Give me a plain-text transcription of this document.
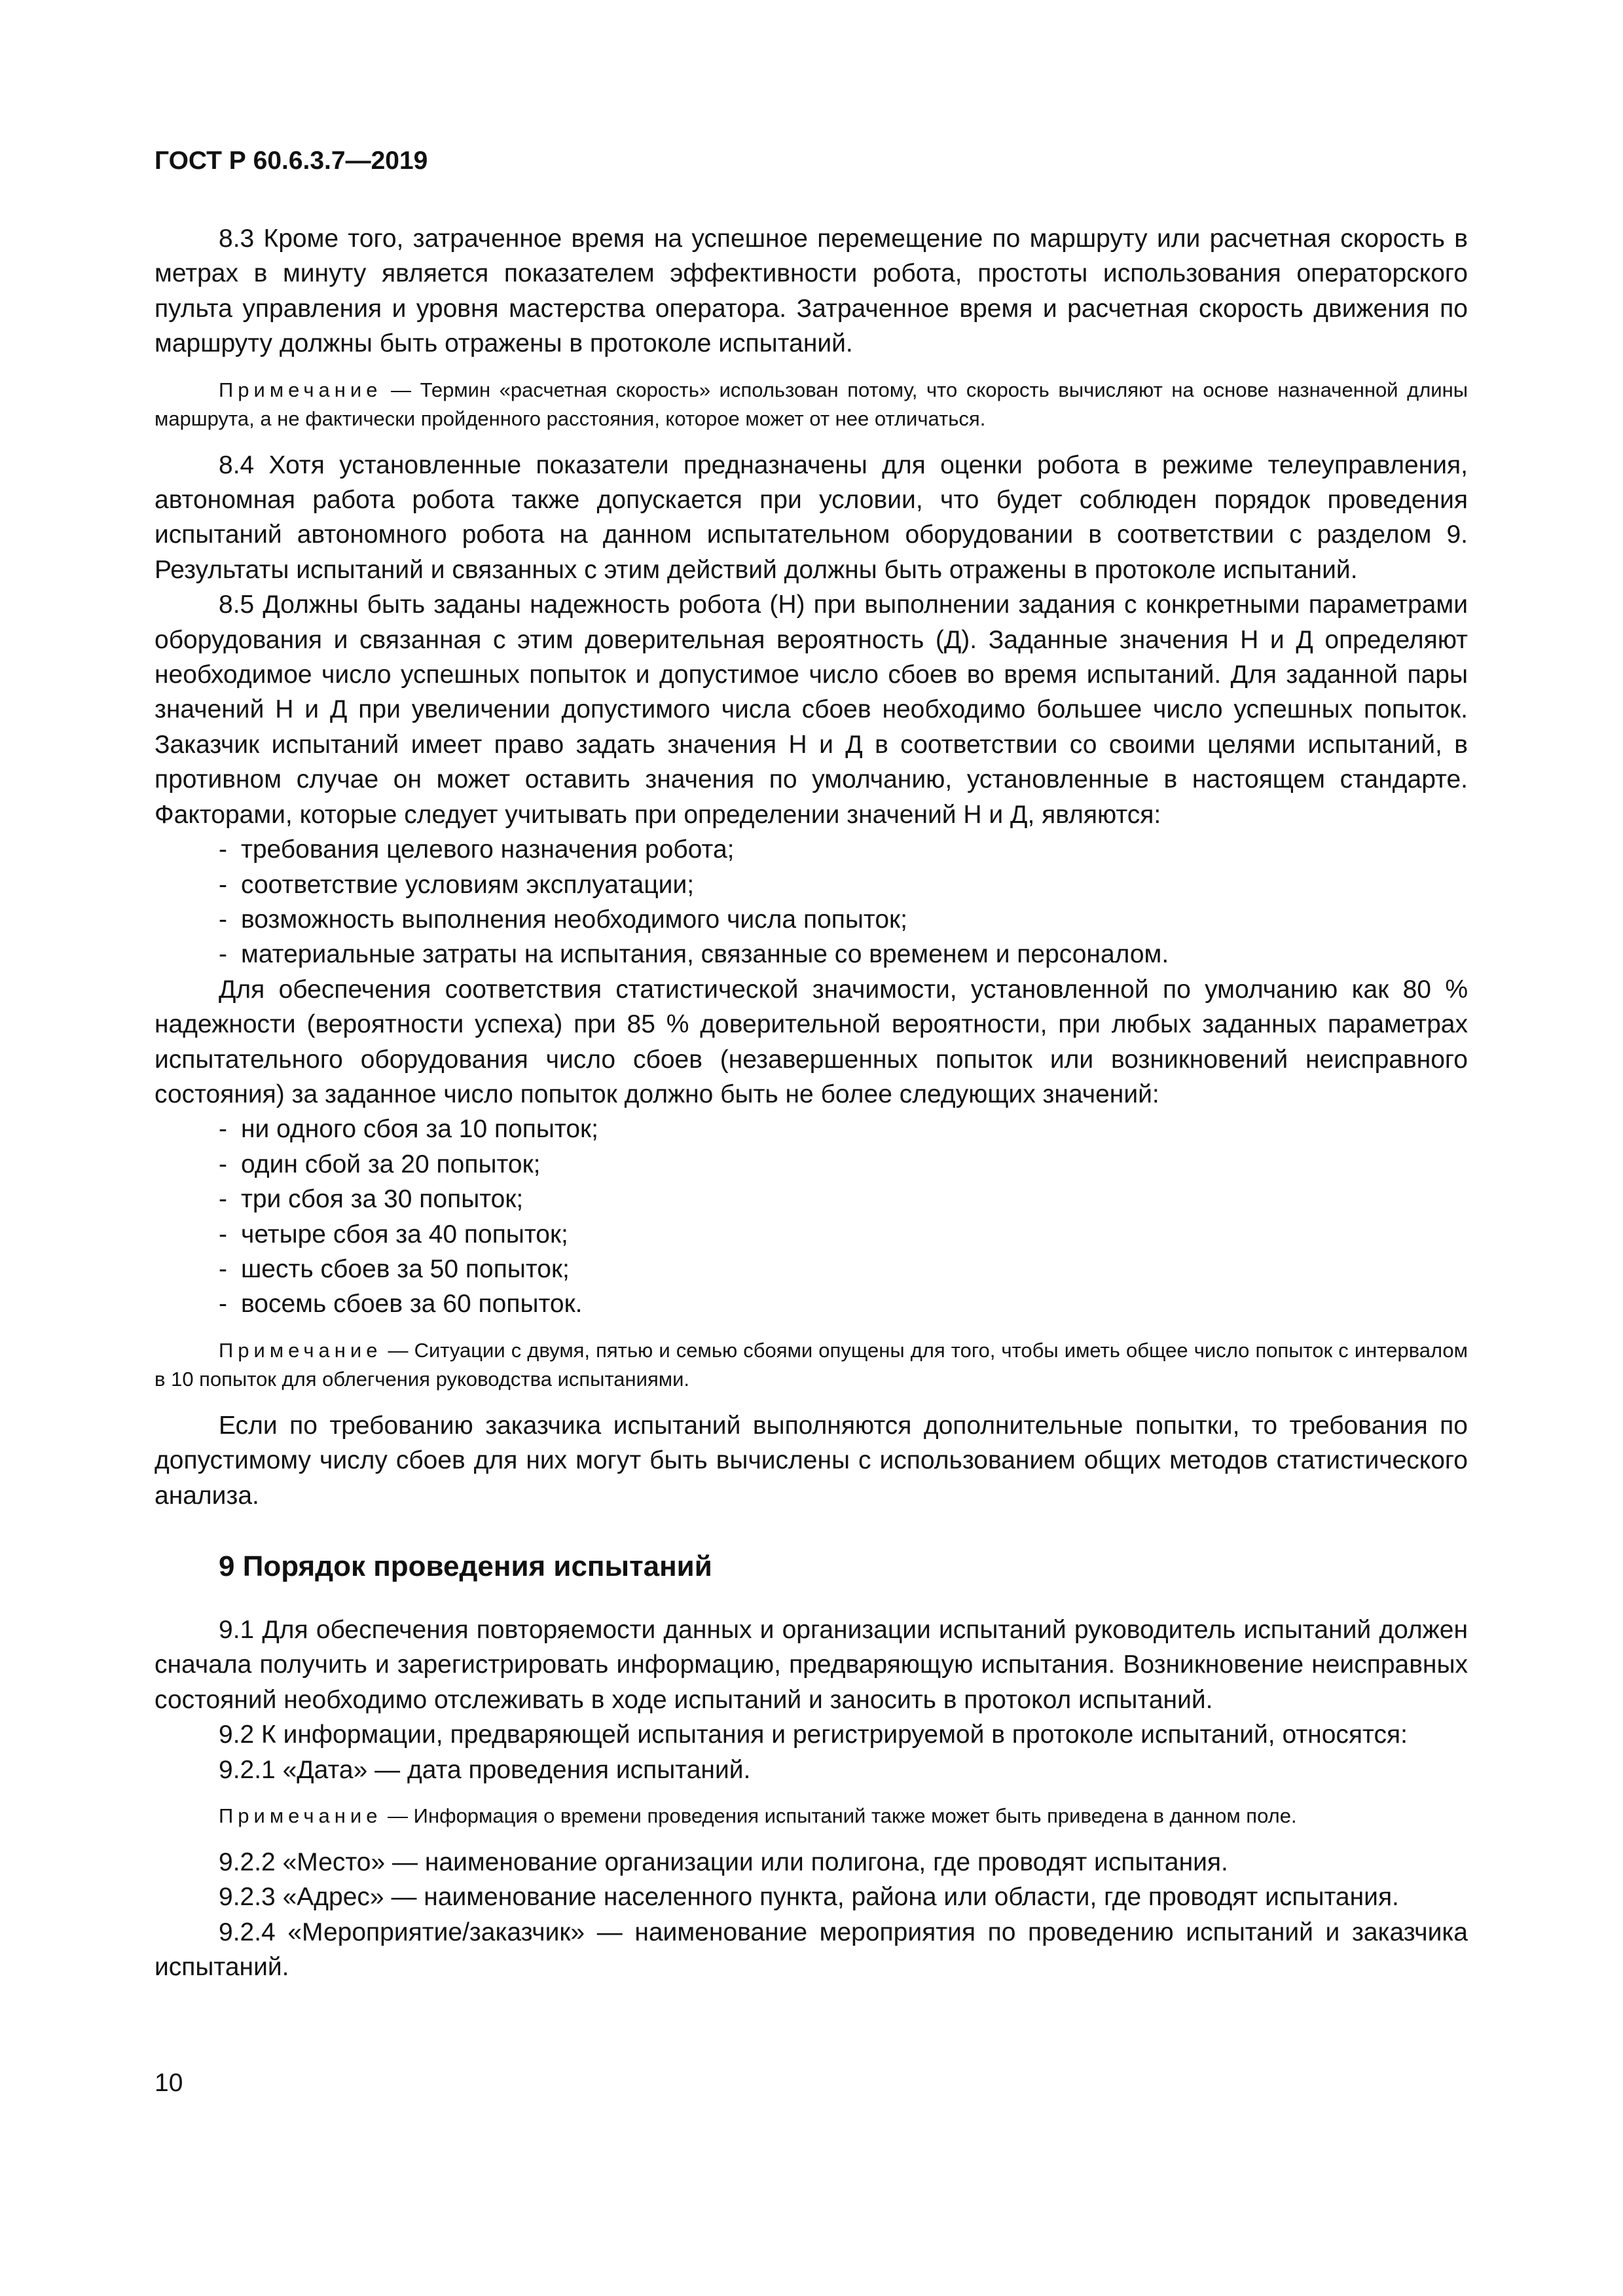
ГОСТ Р 60.6.3.7—2019

8.3 Кроме того, затраченное время на успешное перемещение по маршруту или расчетная скорость в метрах в минуту является показателем эффективности робота, простоты использования операторского пульта управления и уровня мастерства оператора. Затраченное время и расчетная скорость движения по маршруту должны быть отражены в протоколе испытаний.

Примечание — Термин «расчетная скорость» использован потому, что скорость вычисляют на основе назначенной длины маршрута, а не фактически пройденного расстояния, которое может от нее отличаться.

8.4 Хотя установленные показатели предназначены для оценки робота в режиме телеуправления, автономная работа робота также допускается при условии, что будет соблюден порядок проведения испытаний автономного робота на данном испытательном оборудовании в соответствии с разделом 9. Результаты испытаний и связанных с этим действий должны быть отражены в протоколе испытаний.

8.5 Должны быть заданы надежность робота (Н) при выполнении задания с конкретными параметрами оборудования и связанная с этим доверительная вероятность (Д). Заданные значения Н и Д определяют необходимое число успешных попыток и допустимое число сбоев во время испытаний. Для заданной пары значений Н и Д при увеличении допустимого числа сбоев необходимо большее число успешных попыток. Заказчик испытаний имеет право задать значения Н и Д в соответствии со своими целями испытаний, в противном случае он может оставить значения по умолчанию, установленные в настоящем стандарте. Факторами, которые следует учитывать при определении значений Н и Д, являются:

- требования целевого назначения робота;
- соответствие условиям эксплуатации;
- возможность выполнения необходимого числа попыток;
- материальные затраты на испытания, связанные со временем и персоналом.

Для обеспечения соответствия статистической значимости, установленной по умолчанию как 80 % надежности (вероятности успеха) при 85 % доверительной вероятности, при любых заданных параметрах испытательного оборудования число сбоев (незавершенных попыток или возникновений неисправного состояния) за заданное число попыток должно быть не более следующих значений:

- ни одного сбоя за 10 попыток;
- один сбой за 20 попыток;
- три сбоя за 30 попыток;
- четыре сбоя за 40 попыток;
- шесть сбоев за 50 попыток;
- восемь сбоев за 60 попыток.

Примечание — Ситуации с двумя, пятью и семью сбоями опущены для того, чтобы иметь общее число попыток с интервалом в 10 попыток для облегчения руководства испытаниями.

Если по требованию заказчика испытаний выполняются дополнительные попытки, то требования по допустимому числу сбоев для них могут быть вычислены с использованием общих методов статистического анализа.

9 Порядок проведения испытаний

9.1 Для обеспечения повторяемости данных и организации испытаний руководитель испытаний должен сначала получить и зарегистрировать информацию, предваряющую испытания. Возникновение неисправных состояний необходимо отслеживать в ходе испытаний и заносить в протокол испытаний.

9.2 К информации, предваряющей испытания и регистрируемой в протоколе испытаний, относятся:

9.2.1 «Дата» — дата проведения испытаний.

Примечание — Информация о времени проведения испытаний также может быть приведена в данном поле.

9.2.2 «Место» — наименование организации или полигона, где проводят испытания.

9.2.3 «Адрес» — наименование населенного пункта, района или области, где проводят испытания.

9.2.4 «Мероприятие/заказчик» — наименование мероприятия по проведению испытаний и заказчика испытаний.

10
